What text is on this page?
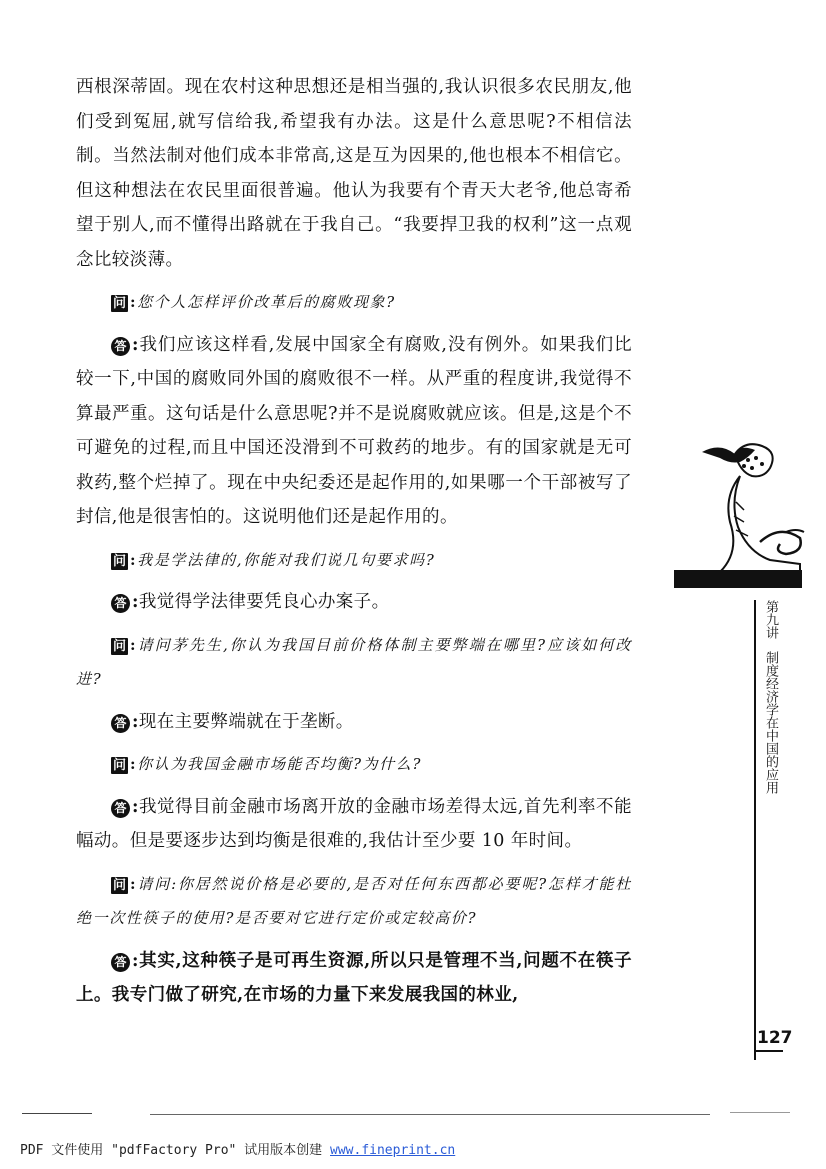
西根深蒂固。现在农村这种思想还是相当强的,我认识很多农民朋友,他们受到冤屈,就写信给我,希望我有办法。这是什么意思呢?不相信法制。当然法制对他们成本非常高,这是互为因果的,他也根本不相信它。但这种想法在农民里面很普遍。他认为我要有个青天大老爷,他总寄希望于别人,而不懂得出路就在于我自己。“我要捍卫我的权利”这一点观念比较淡薄。

问 :您个人怎样评价改革后的腐败现象?

答 :我们应该这样看,发展中国家全有腐败,没有例外。如果我们比较一下,中国的腐败同外国的腐败很不一样。从严重的程度讲,我觉得不算最严重。这句话是什么意思呢?并不是说腐败就应该。但是,这是个不可避免的过程,而且中国还没滑到不可救药的地步。有的国家就是无可救药,整个烂掉了。现在中央纪委还是起作用的,如果哪一个干部被写了封信,他是很害怕的。这说明他们还是起作用的。

问 :我是学法律的,你能对我们说几句要求吗?

答 :我觉得学法律要凭良心办案子。

问 :请问茅先生,你认为我国目前价格体制主要弊端在哪里?应该如何改进?

答 :现在主要弊端就在于垄断。

问 :你认为我国金融市场能否均衡?为什么?

答 :我觉得目前金融市场离开放的金融市场差得太远,首先利率不能幅动。但是要逐步达到均衡是很难的,我估计至少要 10 年时间。

问 :请问:你居然说价格是必要的,是否对任何东西都必要呢?怎样才能杜绝一次性筷子的使用?是否要对它进行定价或定较高价?

答 :其实,这种筷子是可再生资源,所以只是管理不当,问题不在筷子上。我专门做了研究,在市场的力量下来发展我国的林业,

第九讲制度经济学在中国的应用
127
PDF 文件使用 "pdfFactory Pro" 试用版本创建 www.fineprint.cn
